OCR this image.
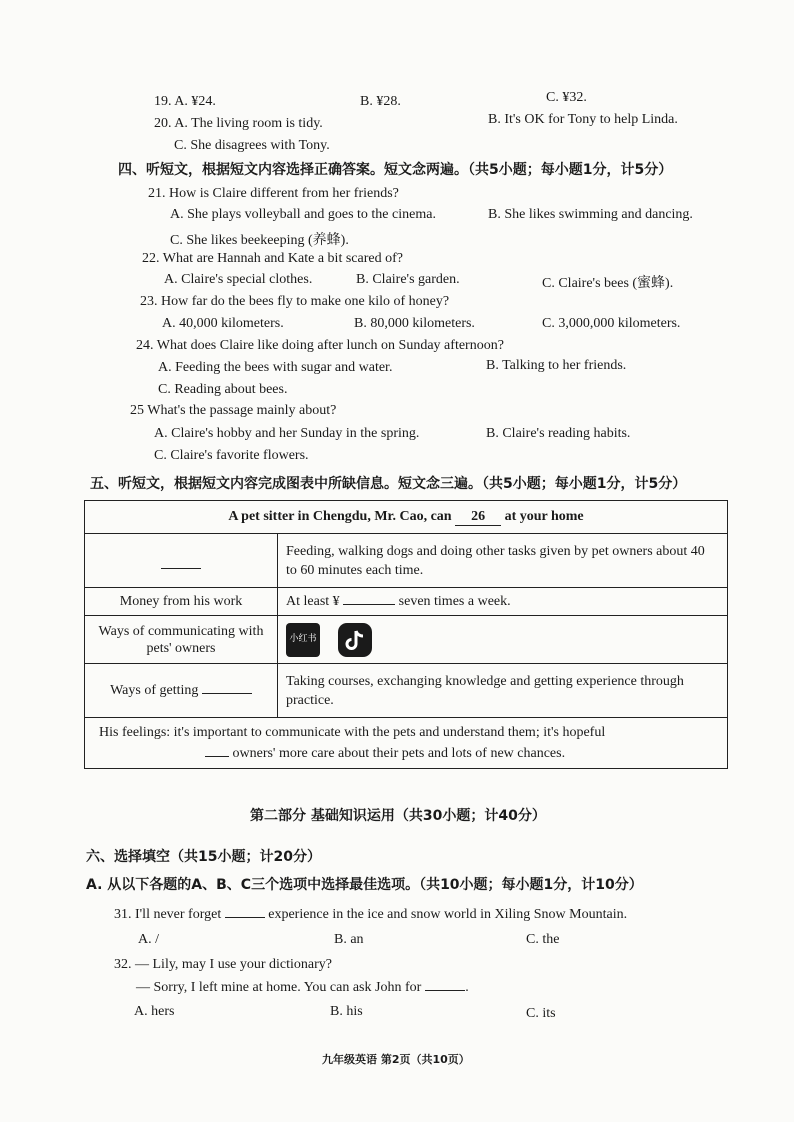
19. A. ¥24.	B. ¥28.	C. ¥32.
20. A. The living room is tidy.	B. It's OK for Tony to help Linda.
C. She disagrees with Tony.
四、听短文，根据短文内容选择正确答案。短文念两遍。（共5小题；每小题1分，计5分）
21. How is Claire different from her friends?
A. She plays volleyball and goes to the cinema.	B. She likes swimming and dancing.
C. She likes beekeeping (养蜂).
22. What are Hannah and Kate a bit scared of?
A. Claire's special clothes.	B. Claire's garden.	C. Claire's bees (蜜蜂).
23. How far do the bees fly to make one kilo of honey?
A. 40,000 kilometers.	B. 80,000 kilometers.	C. 3,000,000 kilometers.
24. What does Claire like doing after lunch on Sunday afternoon?
A. Feeding the bees with sugar and water.	B. Talking to her friends.
C. Reading about bees.
25 What's the passage mainly about?
A. Claire's hobby and her Sunday in the spring.	B. Claire's reading habits.
C. Claire's favorite flowers.
五、听短文，根据短文内容完成图表中所缺信息。短文念三遍。（共5小题；每小题1分，计5分）
A pet sitter in Chengdu, Mr. Cao, can 26 at your home	
	Feeding, walking dogs and doing other tasks given by pet owners about 40 to 60 minutes each time.
Money from his work	At least ¥ seven times a week.
Ways of communicating with pets' owners	小红书
Ways of getting	Taking courses, exchanging knowledge and getting experience through practice.

His feelings: it's important to communicate with the pets and understand them; it's hopeful
owners' more care about their pets and lots of new chances.	
第二部分 基础知识运用（共30小题；计40分）
六、选择填空（共15小题；计20分）
A. 从以下各题的A、B、C三个选项中选择最佳选项。（共10小题；每小题1分，计10分）
31. I'll never forget	experience in the ice and snow world in Xiling Snow Mountain.
A. /	B. an	C. the
32. — Lily, may I use your dictionary?
— Sorry, I left mine at home. You can ask John for	.
A. hers	B. his	C. its
九年级英语 第2页（共10页）
